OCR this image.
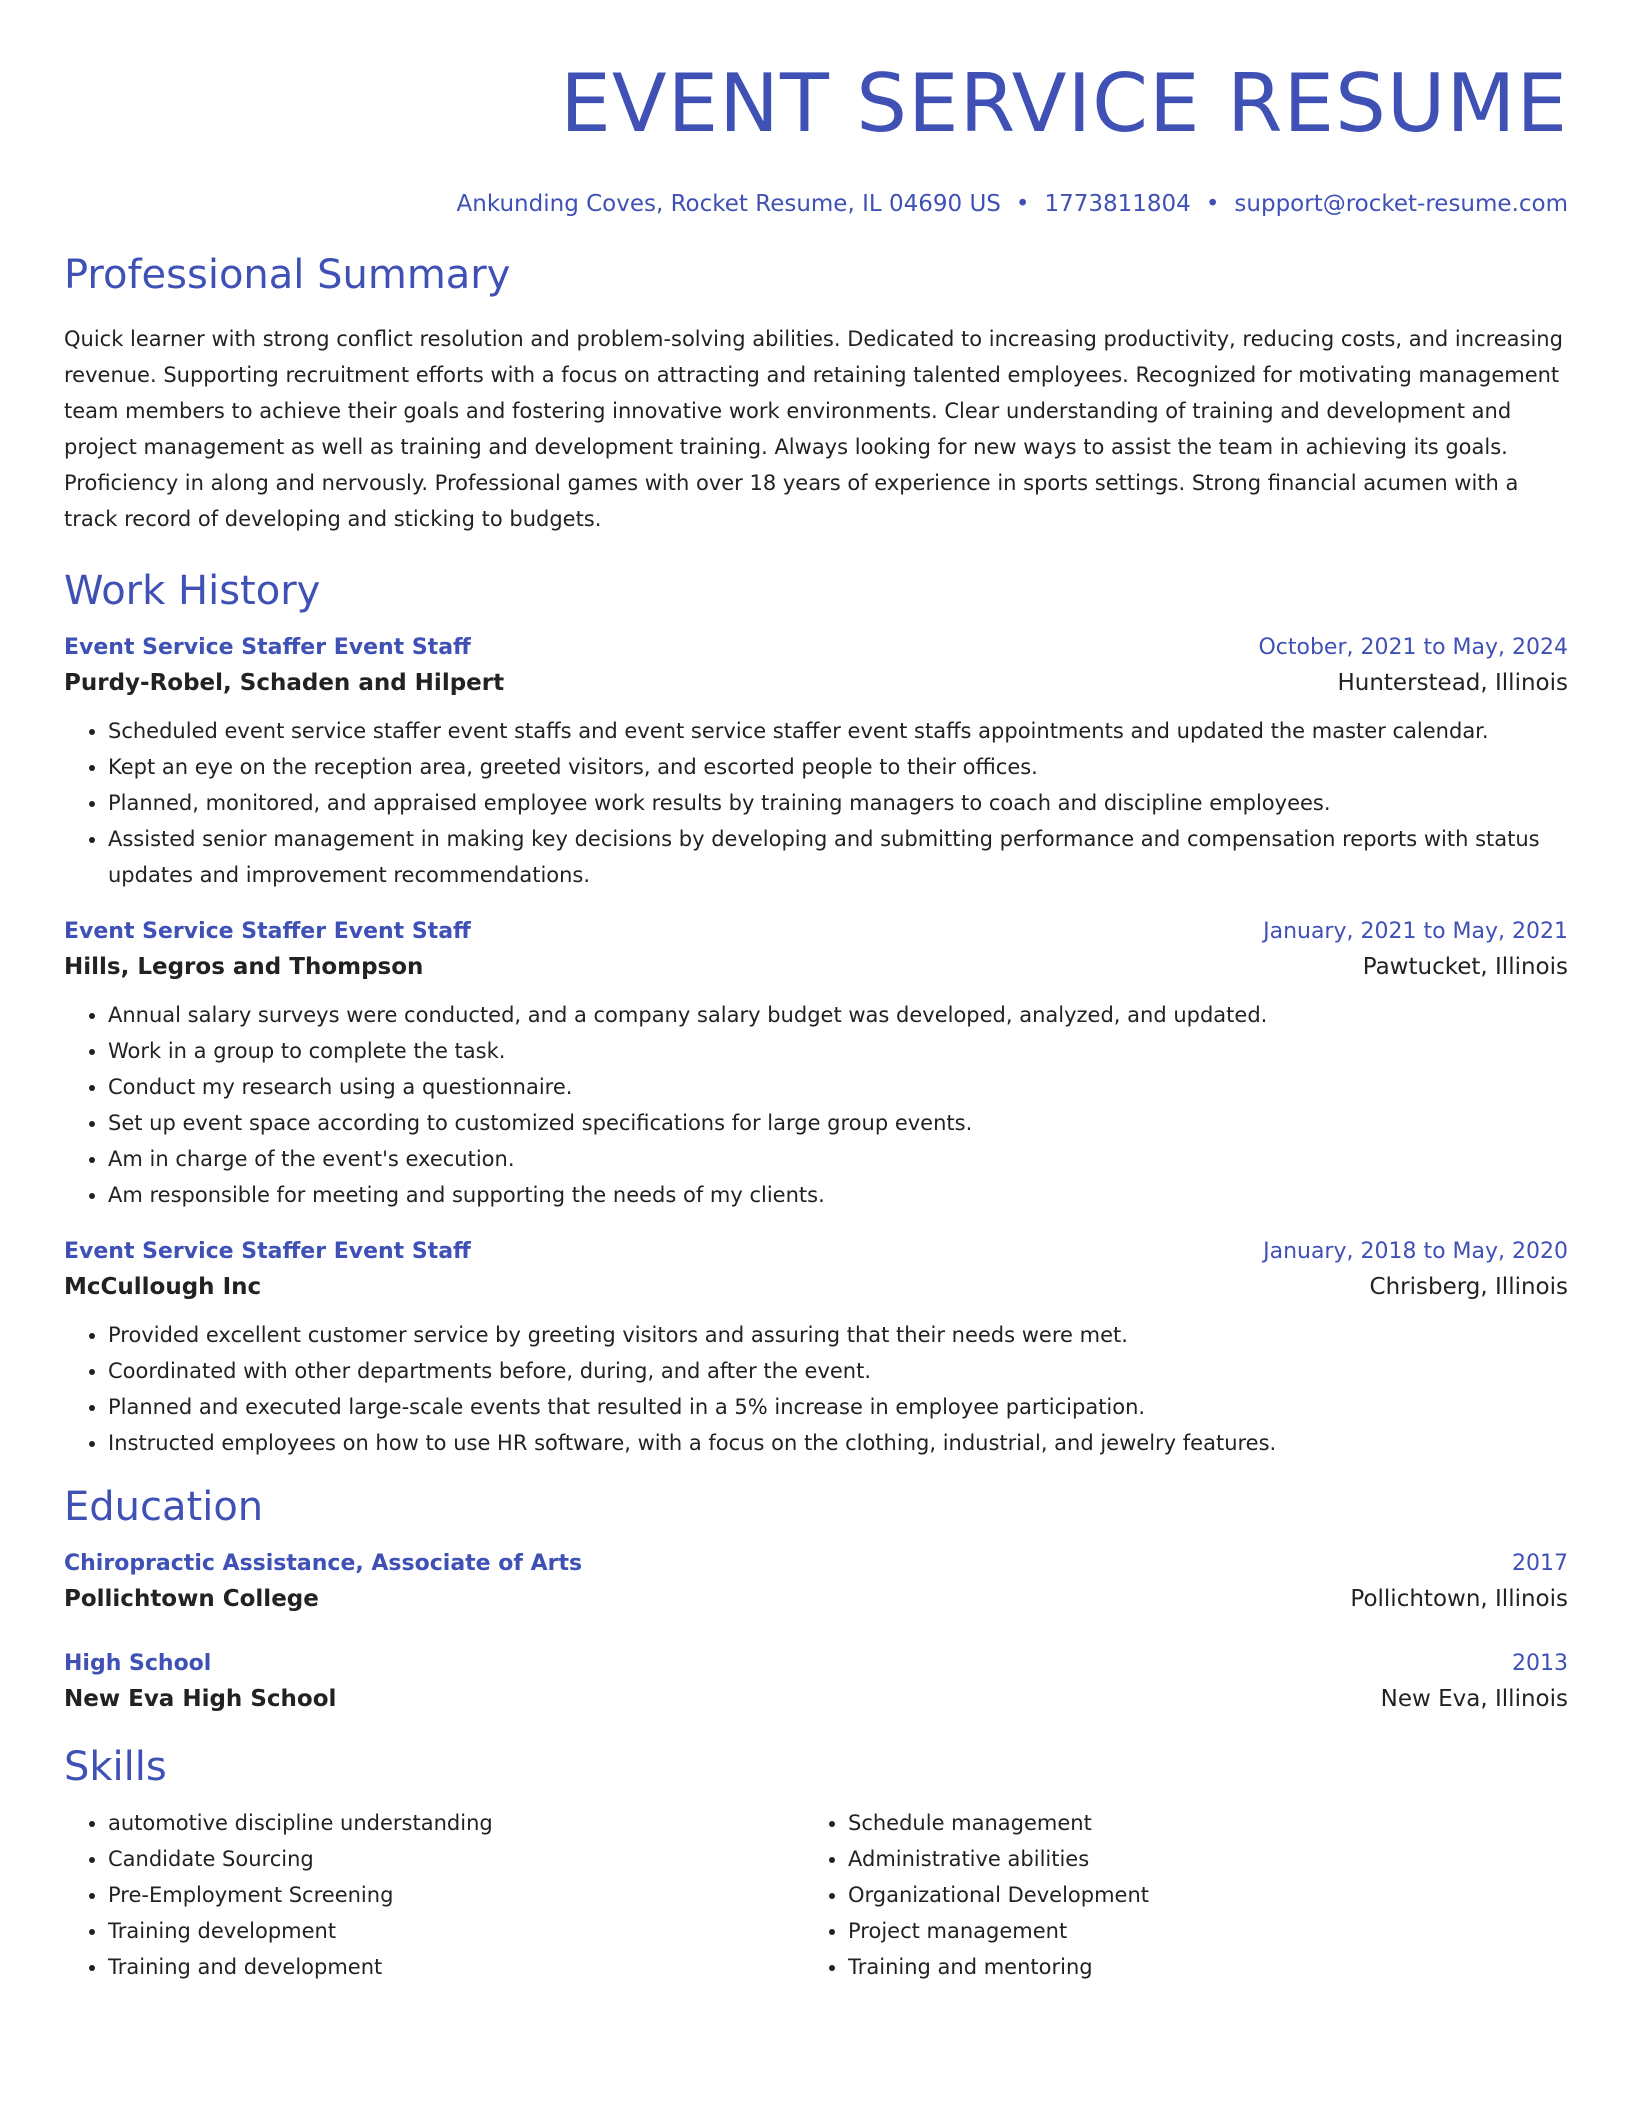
EVENT SERVICE RESUME
Ankunding Coves, Rocket Resume, IL 04690 US • 1773811804 • support@rocket-resume.com
Professional Summary

Quick learner with strong conflict resolution and problem-solving abilities. Dedicated to increasing productivity, reducing costs, and increasing revenue. Supporting recruitment efforts with a focus on attracting and retaining talented employees. Recognized for motivating management team members to achieve their goals and fostering innovative work environments. Clear understanding of training and development and project management as well as training and development training. Always looking for new ways to assist the team in achieving its goals. Proficiency in along and nervously. Professional games with over 18 years of experience in sports settings. Strong financial acumen with a track record of developing and sticking to budgets.

Work History
Event Service Staffer Event Staff	October, 2021 to May, 2024
Purdy-Robel, Schaden and Hilpert	Hunterstead, Illinois
• Scheduled event service staffer event staffs and event service staffer event staffs appointments and updated the master calendar.
• Kept an eye on the reception area, greeted visitors, and escorted people to their offices.
• Planned, monitored, and appraised employee work results by training managers to coach and discipline employees.
• Assisted senior management in making key decisions by developing and submitting performance and compensation reports with status updates and improvement recommendations.
Event Service Staffer Event Staff	January, 2021 to May, 2021
Hills, Legros and Thompson	Pawtucket, Illinois
• Annual salary surveys were conducted, and a company salary budget was developed, analyzed, and updated.
• Work in a group to complete the task.
• Conduct my research using a questionnaire.
• Set up event space according to customized specifications for large group events.
• Am in charge of the event's execution.
• Am responsible for meeting and supporting the needs of my clients.
Event Service Staffer Event Staff	January, 2018 to May, 2020
McCullough Inc	Chrisberg, Illinois
• Provided excellent customer service by greeting visitors and assuring that their needs were met.
• Coordinated with other departments before, during, and after the event.
• Planned and executed large-scale events that resulted in a 5% increase in employee participation.
• Instructed employees on how to use HR software, with a focus on the clothing, industrial, and jewelry features.
Education
Chiropractic Assistance, Associate of Arts	2017
Pollichtown College	Pollichtown, Illinois
High School	2013
New Eva High School	New Eva, Illinois
Skills
• automotive discipline understanding
• Candidate Sourcing
• Pre-Employment Screening
• Training development
• Training and development
• Schedule management
• Administrative abilities
• Organizational Development
• Project management
• Training and mentoring
